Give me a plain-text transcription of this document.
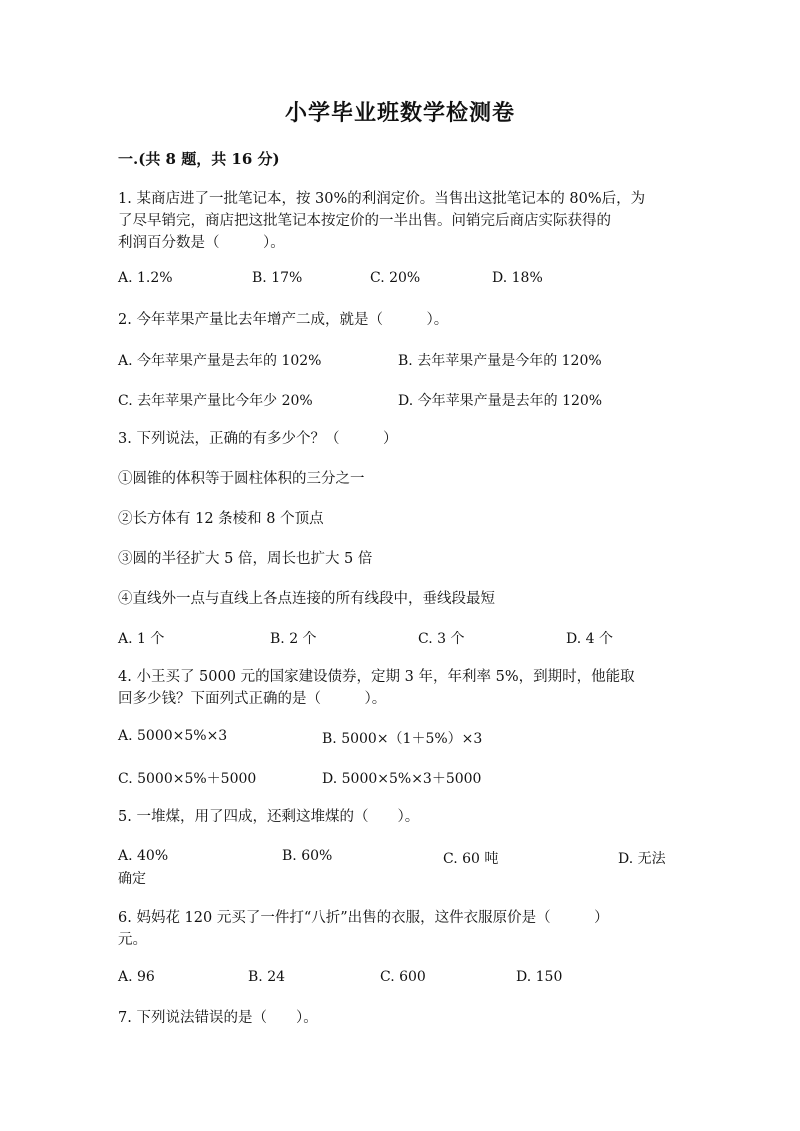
小学毕业班数学检测卷
一.(共 8 题，共 16 分)
1. 某商店进了一批笔记本，按 30%的利润定价。当售出这批笔记本的 80%后，为
了尽早销完，商店把这批笔记本按定价的一半出售。问销完后商店实际获得的
利润百分数是（　　　）。
A. 1.2%	B. 17%	C. 20%	D. 18%
2. 今年苹果产量比去年增产二成，就是（　　　）。
A. 今年苹果产量是去年的 102%	B. 去年苹果产量是今年的 120%
C. 去年苹果产量比今年少 20%	D. 今年苹果产量是去年的 120%
3. 下列说法，正确的有多少个？（　　　）
①圆锥的体积等于圆柱体积的三分之一
②长方体有 12 条棱和 8 个顶点
③圆的半径扩大 5 倍，周长也扩大 5 倍
④直线外一点与直线上各点连接的所有线段中，垂线段最短
A. 1 个	B. 2 个	C. 3 个	D. 4 个
4. 小王买了 5000 元的国家建设债券，定期 3 年，年利率 5%，到期时，他能取
回多少钱？下面列式正确的是（　　　）。
A. 5000×5%×3	B. 5000×（1＋5%）×3
C. 5000×5%＋5000	D. 5000×5%×3＋5000
5. 一堆煤，用了四成，还剩这堆煤的（　　）。
A. 40%	B. 60%	C. 60 吨	D. 无法
确定
6. 妈妈花 120 元买了一件打“八折”出售的衣服，这件衣服原价是（　　　）
元。
A. 96	B. 24	C. 600	D. 150
7. 下列说法错误的是（　　）。
